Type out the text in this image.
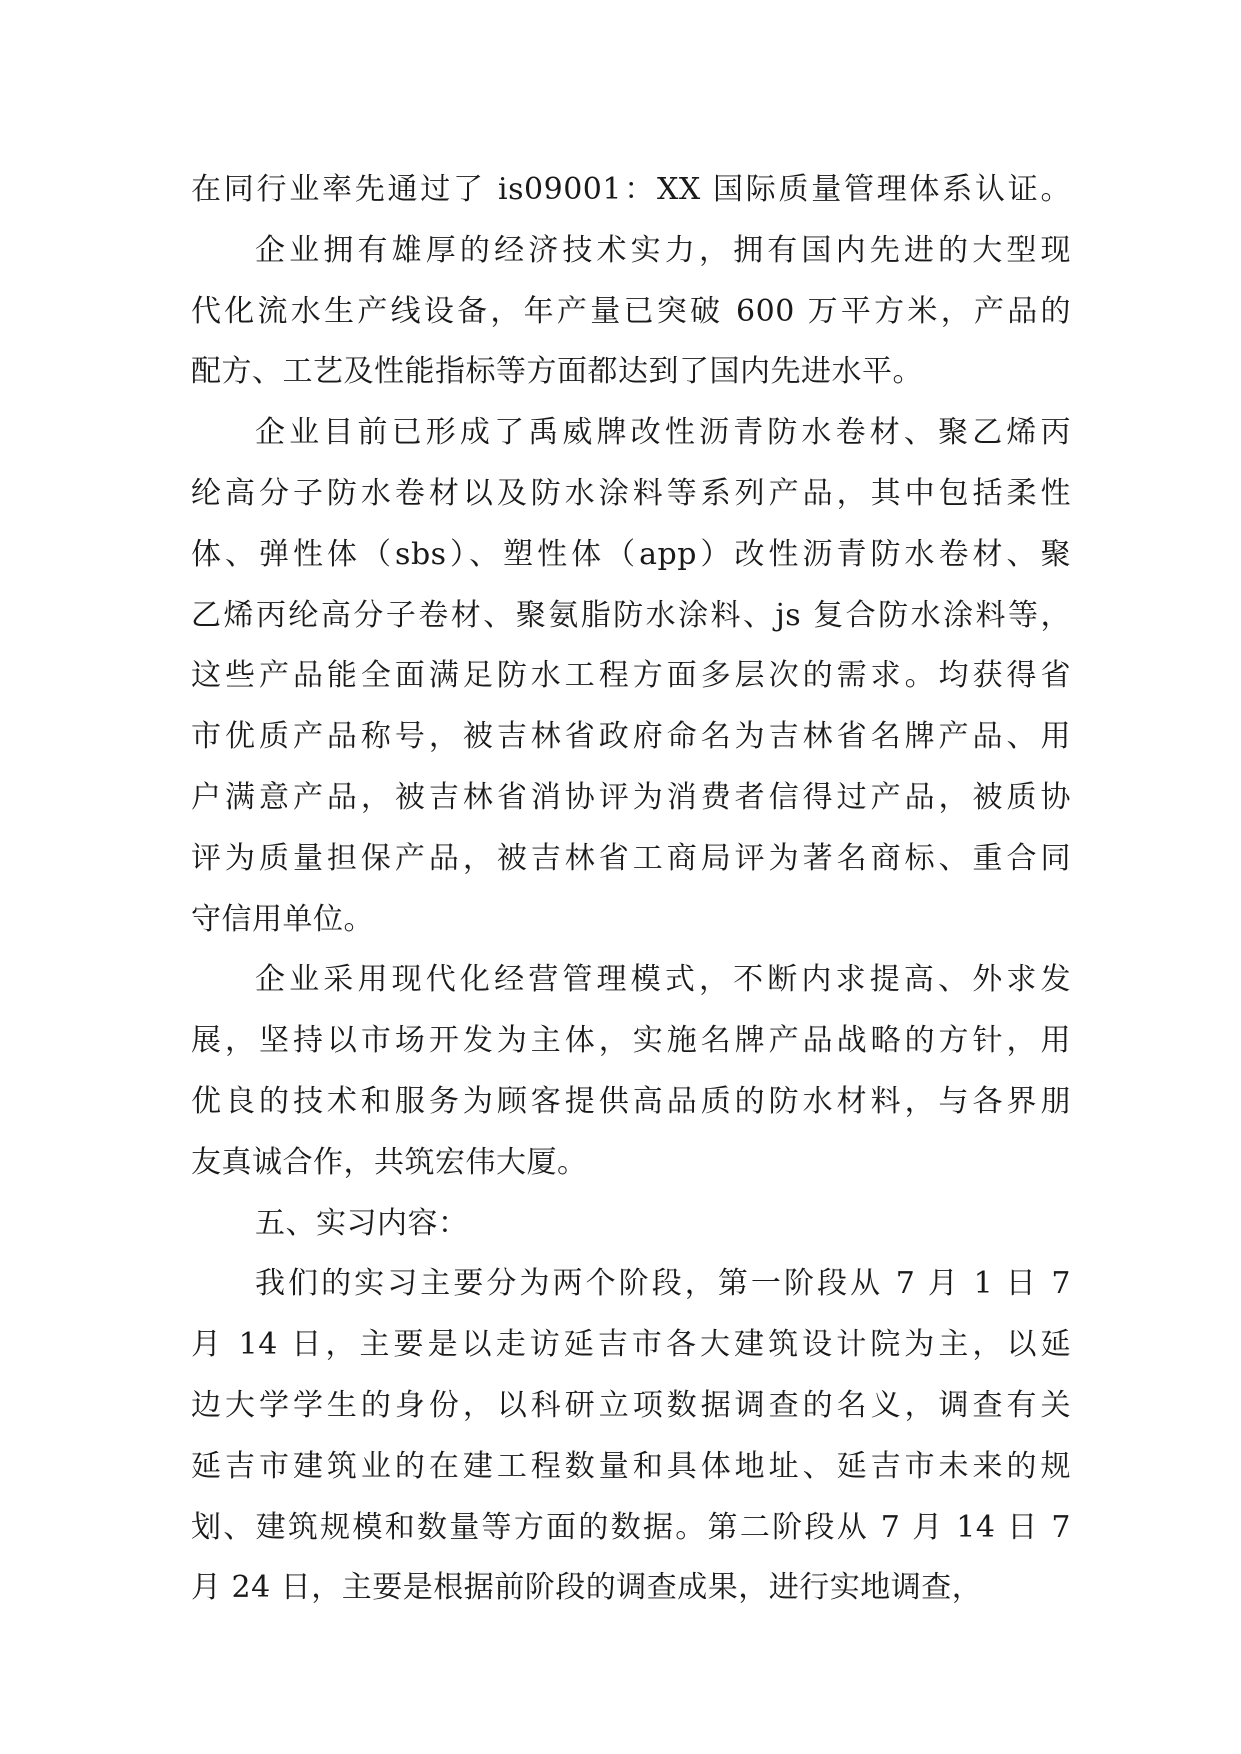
在同行业率先通过了 is09001：XX 国际质量管理体系认证。
企业拥有雄厚的经济技术实力，拥有国内先进的大型现
代化流水生产线设备，年产量已突破 600 万平方米，产品的
配方、工艺及性能指标等方面都达到了国内先进水平。
企业目前已形成了禹威牌改性沥青防水卷材、聚乙烯丙
纶高分子防水卷材以及防水涂料等系列产品，其中包括柔性
体、弹性体（sbs）、塑性体（app）改性沥青防水卷材、聚
乙烯丙纶高分子卷材、聚氨脂防水涂料、js 复合防水涂料等，
这些产品能全面满足防水工程方面多层次的需求。均获得省
市优质产品称号，被吉林省政府命名为吉林省名牌产品、用
户满意产品，被吉林省消协评为消费者信得过产品，被质协
评为质量担保产品，被吉林省工商局评为著名商标、重合同
守信用单位。
企业采用现代化经营管理模式，不断内求提高、外求发
展，坚持以市场开发为主体，实施名牌产品战略的方针，用
优良的技术和服务为顾客提供高品质的防水材料，与各界朋
友真诚合作，共筑宏伟大厦。
五、实习内容：
我们的实习主要分为两个阶段，第一阶段从 7 月 1 日 7
月 14 日，主要是以走访延吉市各大建筑设计院为主，以延
边大学学生的身份，以科研立项数据调查的名义，调查有关
延吉市建筑业的在建工程数量和具体地址、延吉市未来的规
划、建筑规模和数量等方面的数据。第二阶段从 7 月 14 日 7
月 24 日，主要是根据前阶段的调查成果，进行实地调查，
